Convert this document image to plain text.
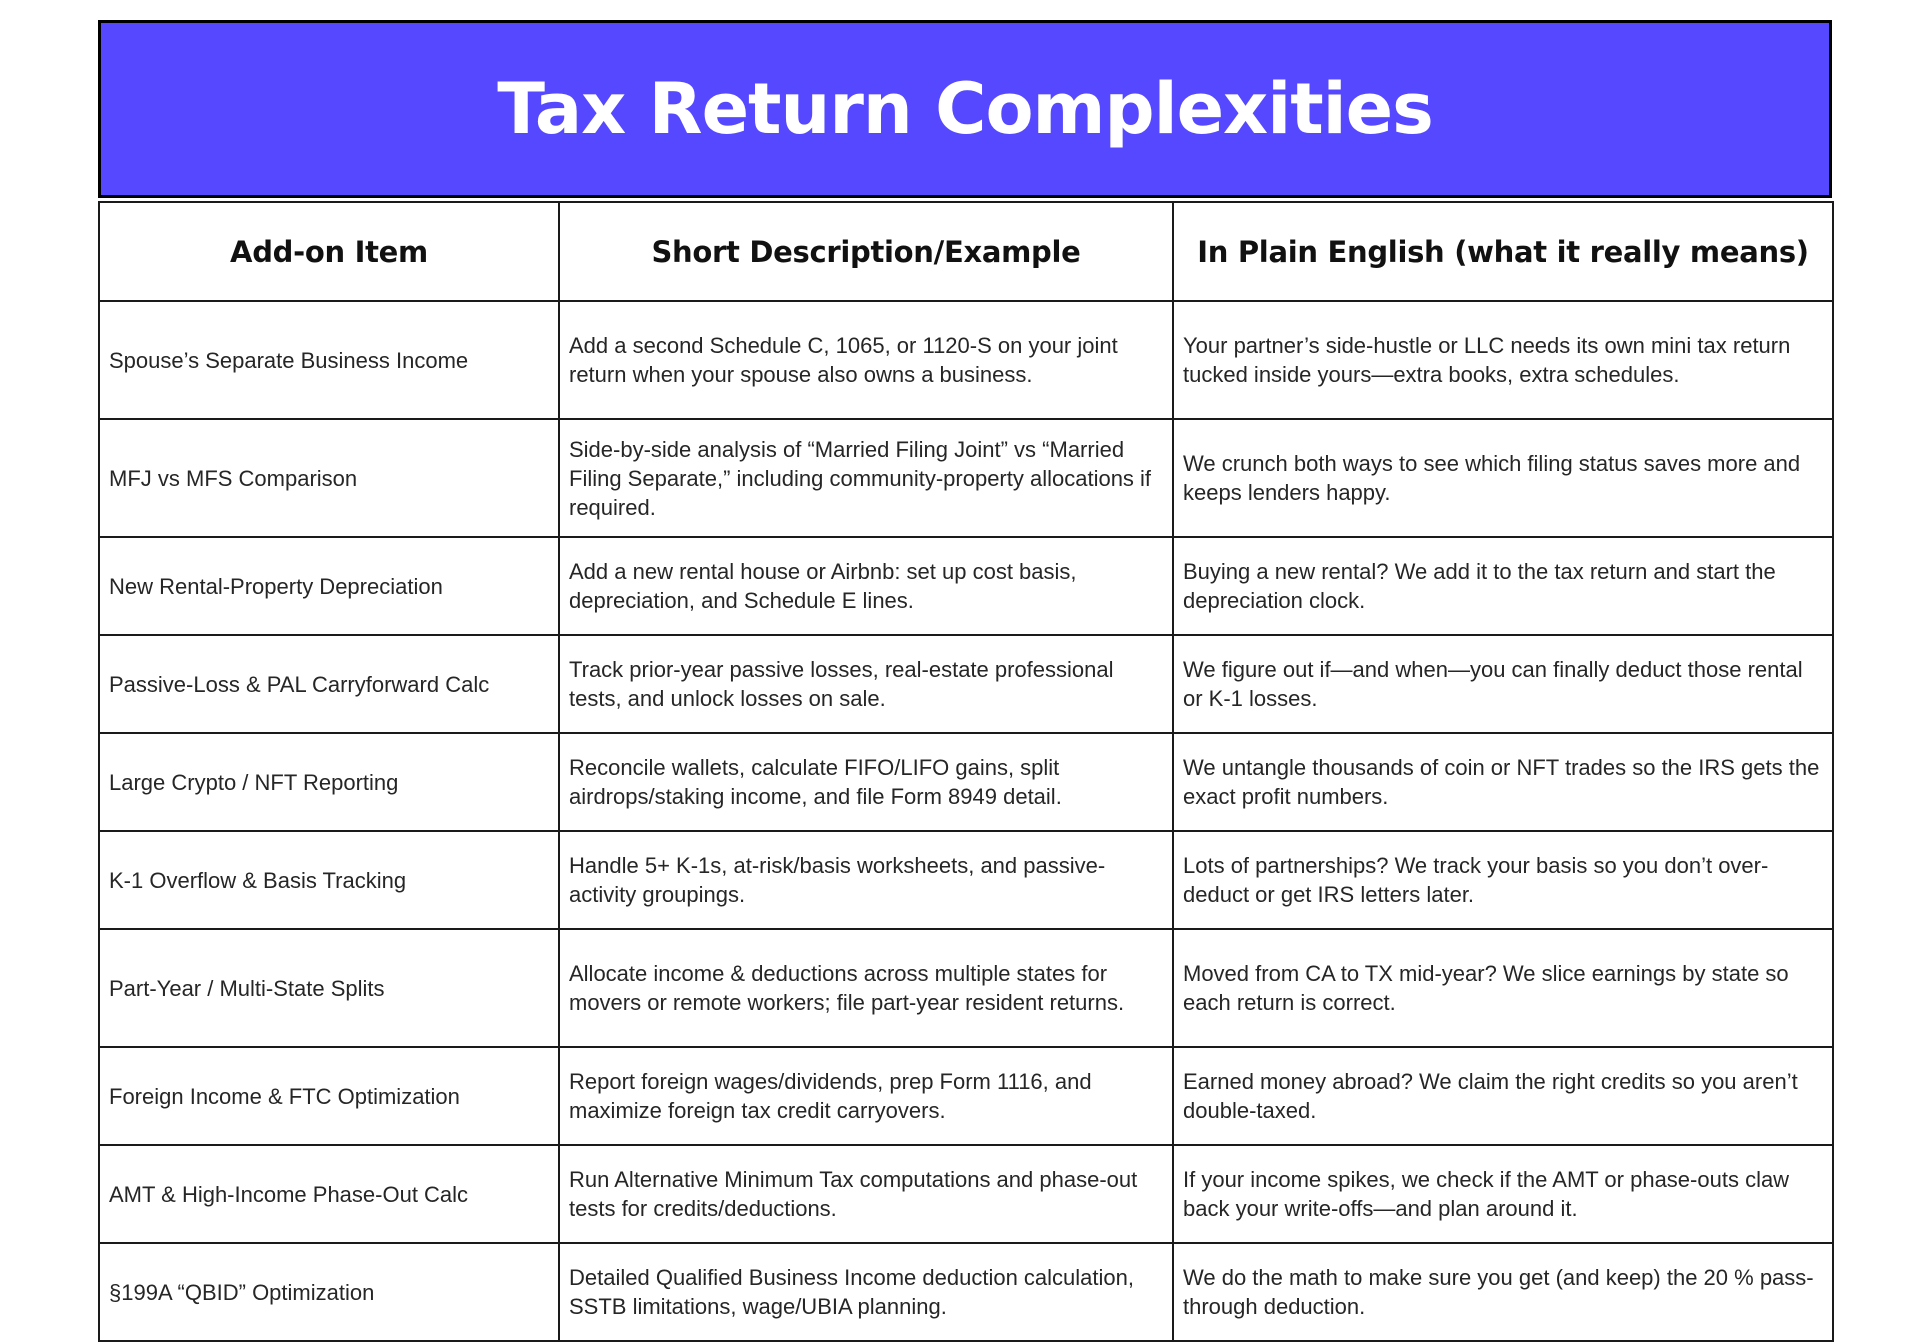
Tax Return Complexities
Add-on Item	Short Description/Example	In Plain English (what it really means)
Spouse’s Separate Business Income	Add a second Schedule C, 1065, or 1120-S on your joint return when your spouse also owns a business.	Your partner’s side-hustle or LLC needs its own mini tax return tucked inside yours—extra books, extra schedules.
MFJ vs MFS Comparison	Side-by-side analysis of “Married Filing Joint” vs “Married Filing Separate,” including community-property allocations if required.	We crunch both ways to see which filing status saves more and keeps lenders happy.
New Rental-Property Depreciation	Add a new rental house or Airbnb: set up cost basis, depreciation, and Schedule E lines.	Buying a new rental? We add it to the tax return and start the depreciation clock.
Passive-Loss & PAL Carryforward Calc	Track prior-year passive losses, real-estate professional tests, and unlock losses on sale.	We figure out if—and when—you can finally deduct those rental or K-1 losses.
Large Crypto / NFT Reporting	Reconcile wallets, calculate FIFO/LIFO gains, split airdrops/staking income, and file Form 8949 detail.	We untangle thousands of coin or NFT trades so the IRS gets the exact profit numbers.
K-1 Overflow & Basis Tracking	Handle 5+ K-1s, at-risk/basis worksheets, and passive-activity groupings.	Lots of partnerships? We track your basis so you don’t over-deduct or get IRS letters later.
Part-Year / Multi-State Splits	Allocate income & deductions across multiple states for movers or remote workers; file part-year resident returns.	Moved from CA to TX mid-year? We slice earnings by state so each return is correct.
Foreign Income & FTC Optimization	Report foreign wages/dividends, prep Form 1116, and maximize foreign tax credit carryovers.	Earned money abroad? We claim the right credits so you aren’t double-taxed.
AMT & High-Income Phase-Out Calc	Run Alternative Minimum Tax computations and phase-out tests for credits/deductions.	If your income spikes, we check if the AMT or phase-outs claw back your write-offs—and plan around it.
§199A “QBID” Optimization	Detailed Qualified Business Income deduction calculation, SSTB limitations, wage/UBIA planning.	We do the math to make sure you get (and keep) the 20 % pass-through deduction.
